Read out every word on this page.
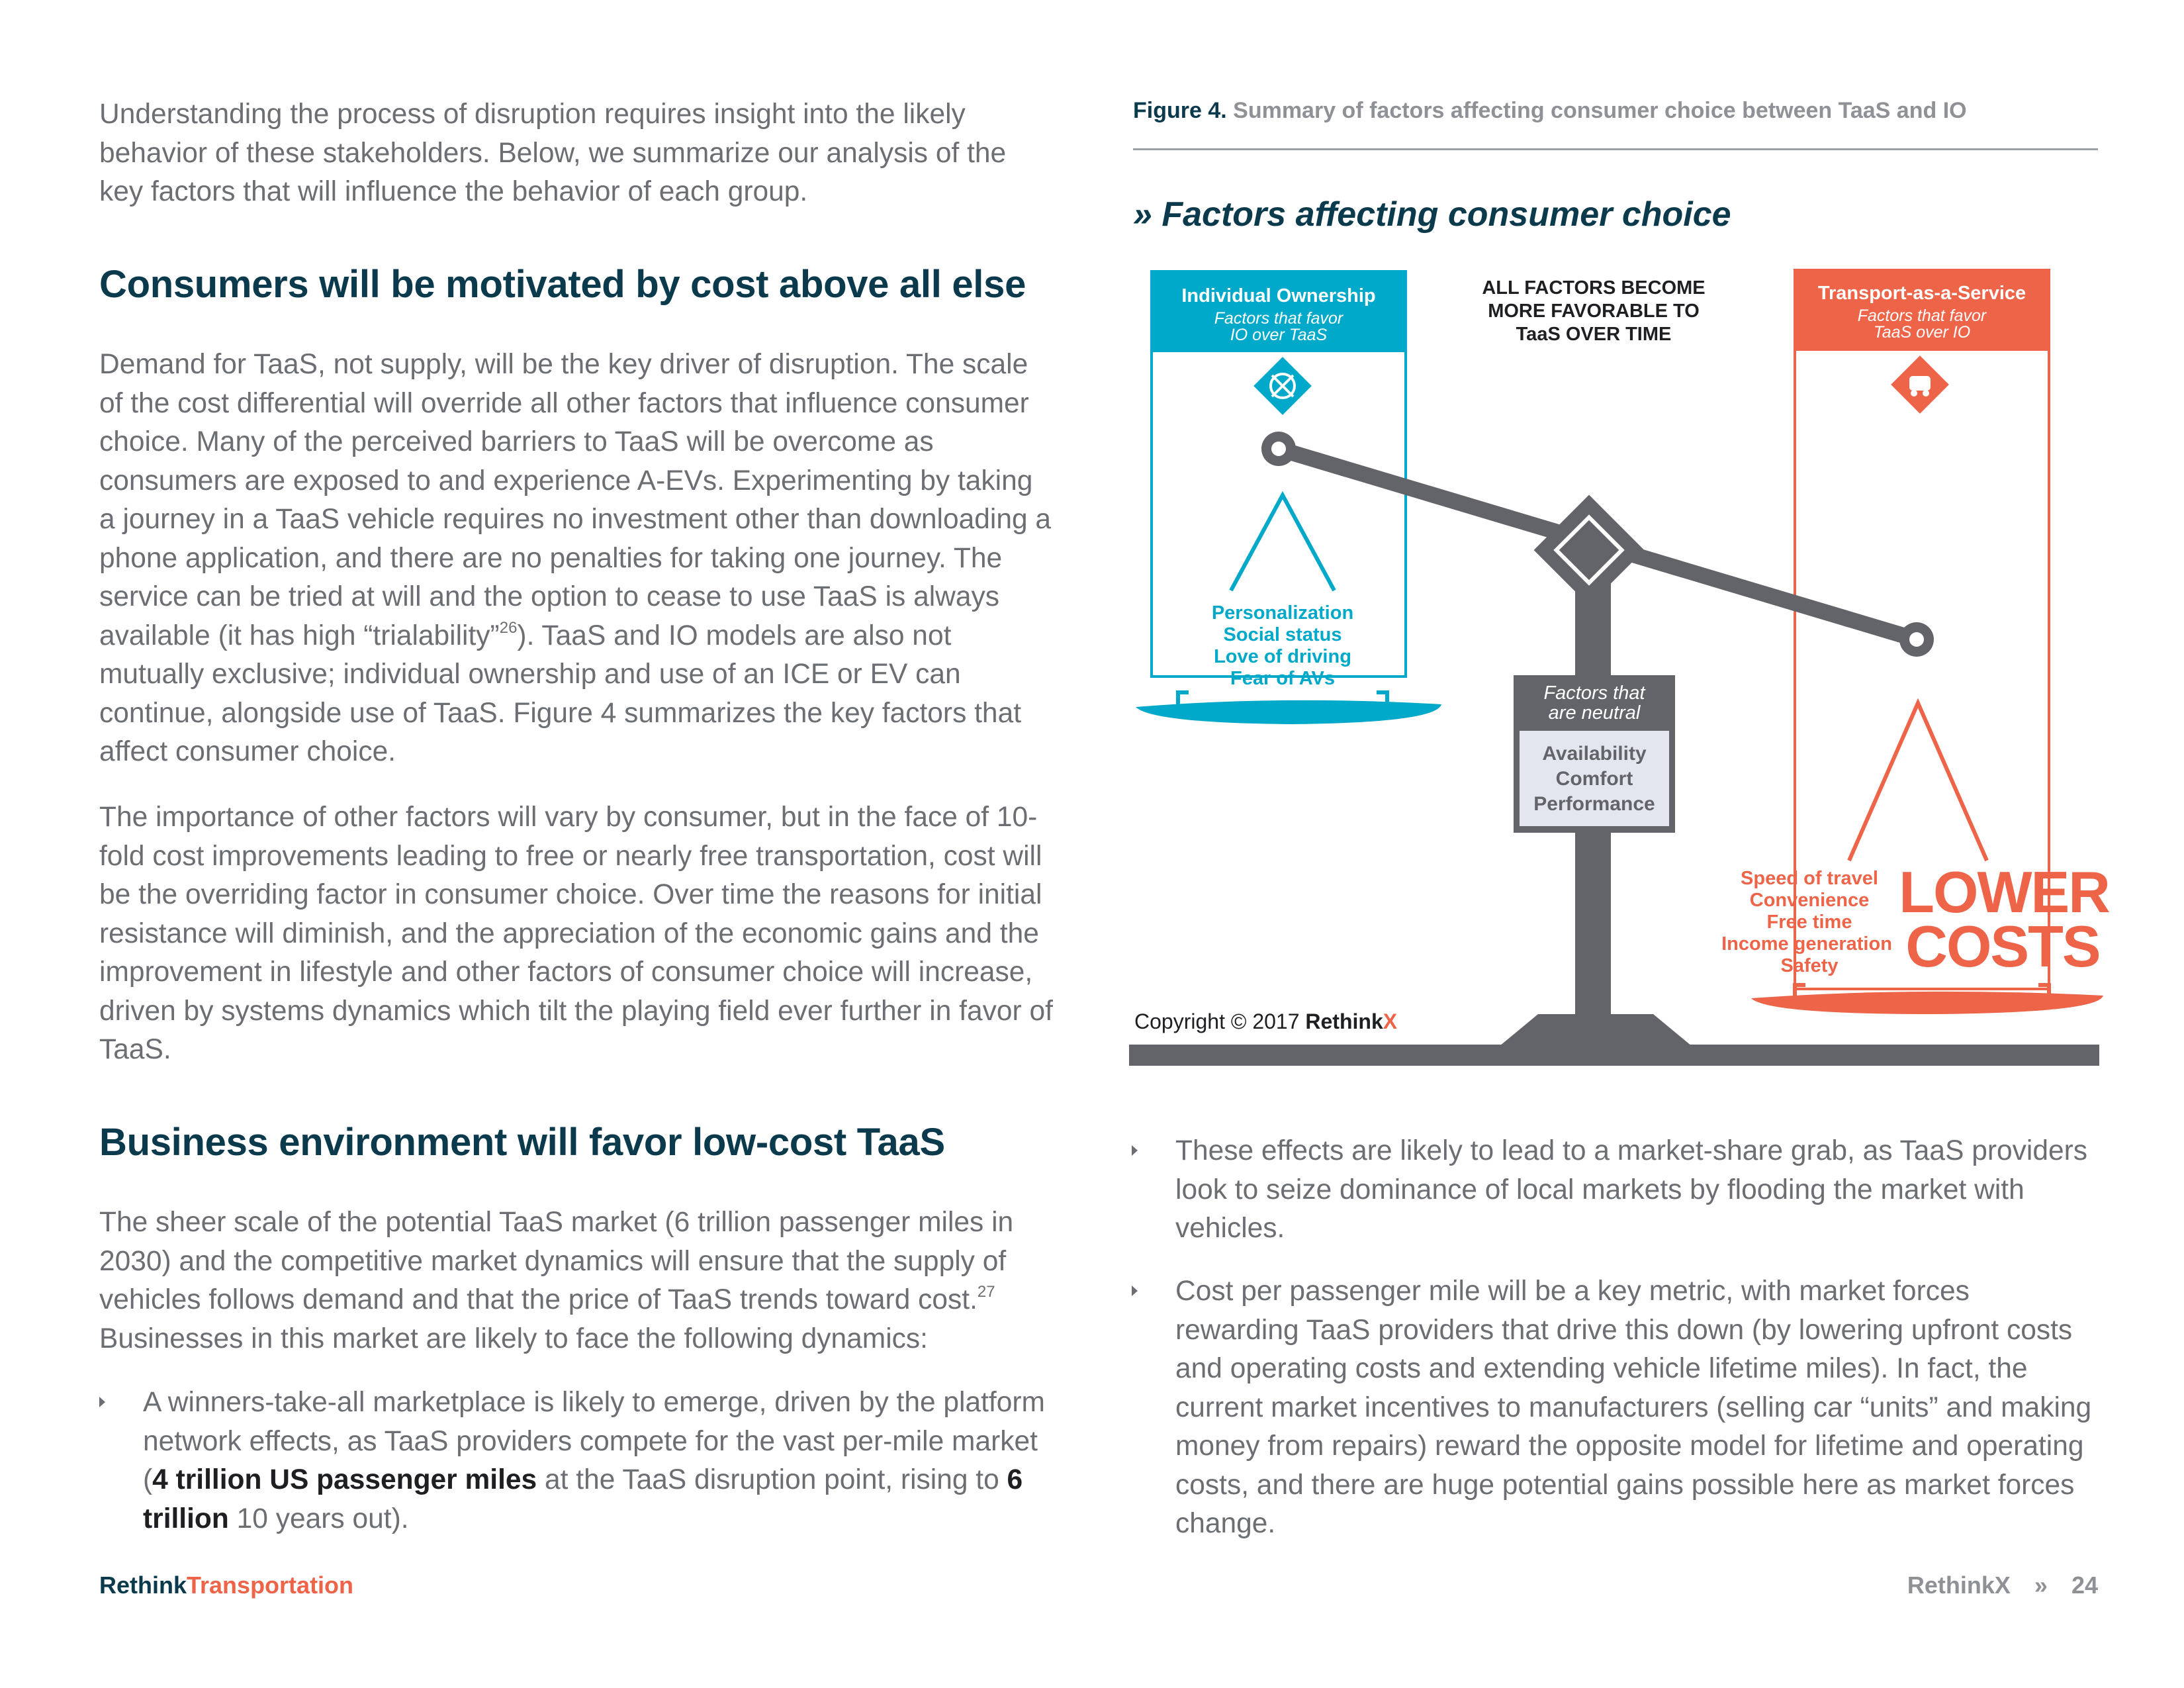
Understanding the process of disruption requires insight into the likely behavior of these stakeholders. Below, we summarize our analysis of the key factors that will influence the behavior of each group.

Consumers will be motivated by cost above all else

Demand for TaaS, not supply, will be the key driver of disruption. The scale of the cost differential will override all other factors that influence consumer choice. Many of the perceived barriers to TaaS will be overcome as consumers are exposed to and experience A-EVs. Experimenting by taking a journey in a TaaS vehicle requires no investment other than downloading a phone application, and there are no penalties for taking one journey. The service can be tried at will and the option to cease to use TaaS is always available (it has high “trialability”$^{26}$). TaaS and IO models are also not mutually exclusive; individual ownership and use of an ICE or EV can continue, alongside use of TaaS. Figure 4 summarizes the key factors that affect consumer choice.

The importance of other factors will vary by consumer, but in the face of 10-fold cost improvements leading to free or nearly free transportation, cost will be the overriding factor in consumer choice. Over time the reasons for initial resistance will diminish, and the appreciation of the economic gains and the improvement in lifestyle and other factors of consumer choice will increase, driven by systems dynamics which tilt the playing field ever further in favor of TaaS.

Business environment will favor low-cost TaaS

The sheer scale of the potential TaaS market (6 trillion passenger miles in 2030) and the competitive market dynamics will ensure that the supply of vehicles follows demand and that the price of TaaS trends toward cost.$^{27}$
Businesses in this market are likely to face the following dynamics:

A winners-take-all marketplace is likely to emerge, driven by the platform network effects, as TaaS providers compete for the vast per-mile market (4 trillion US passenger miles at the TaaS disruption point, rising to 6 trillion 10 years out).
Figure 4. Summary of factors affecting consumer choice between TaaS and IO
» Factors affecting consumer choice
Individual Ownership
Factors that favor
IO over TaaS
Personalization
Social status
Love of driving
Fear of AVs
ALL FACTORS BECOME
MORE FAVORABLE TO
TaaS OVER TIME
Transport-as-a-Service
Factors that favor
TaaS over IO
Factors that
are neutral
Availability
Comfort
Performance
Speed of travel
Convenience
Free time
Income generation
Safety
LOWER
COSTS
Copyright © 2017 RethinkX
These effects are likely to lead to a market-share grab, as TaaS providers look to seize dominance of local markets by flooding the market with vehicles.
Cost per passenger mile will be a key metric, with market forces rewarding TaaS providers that drive this down (by lowering upfront costs and operating costs and extending vehicle lifetime miles). In fact, the current market incentives to manufacturers (selling car “units” and making money from repairs) reward the opposite model for lifetime and operating costs, and there are huge potential gains possible here as market forces change.
RethinkTransportation	RethinkX » 24
